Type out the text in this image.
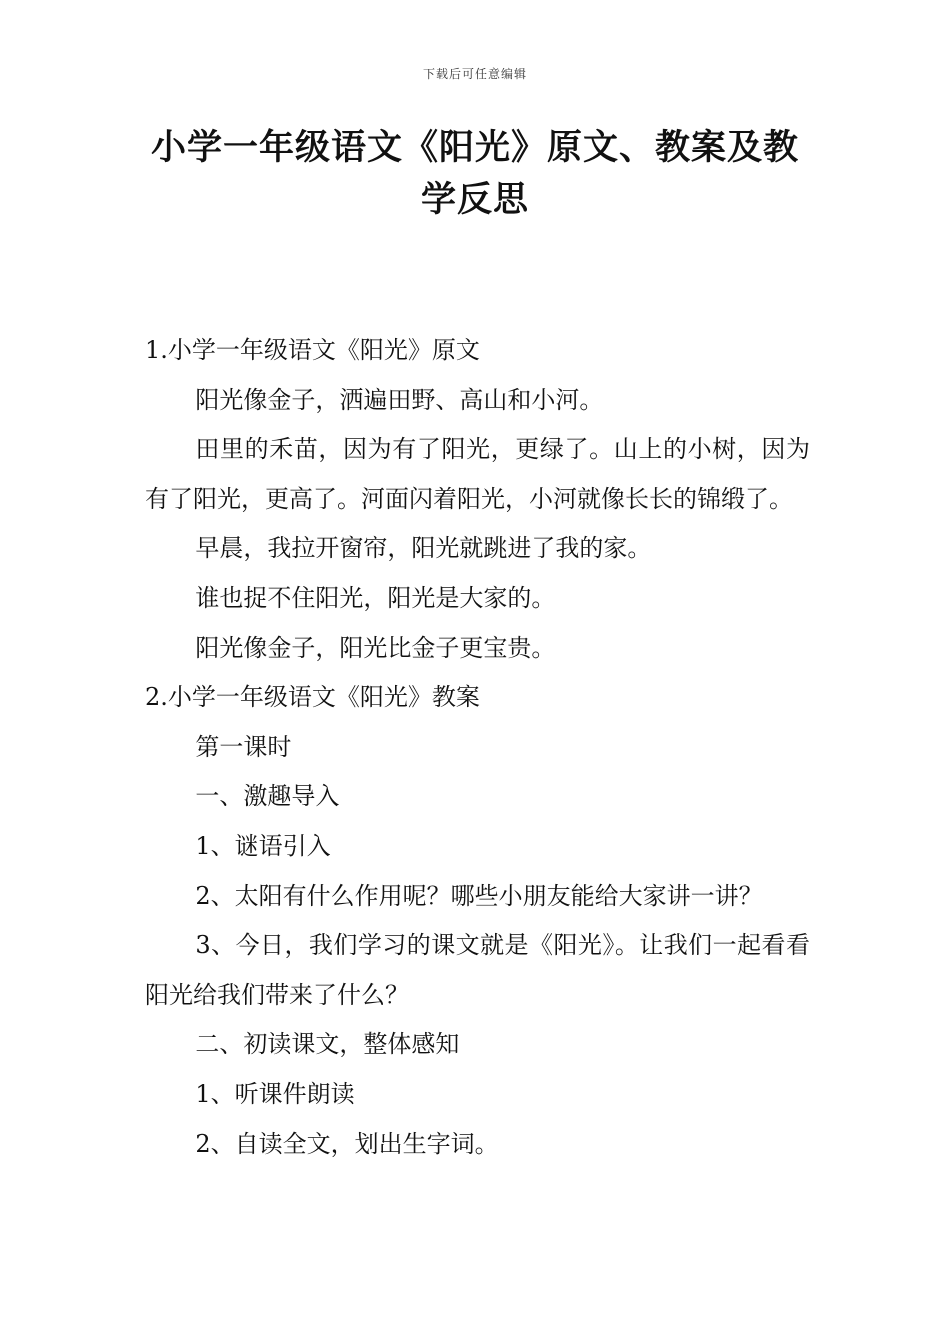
下载后可任意编辑
小学一年级语文《阳光》原文、教案及教学反思

1.小学一年级语文《阳光》原文

阳光像金子，洒遍田野、高山和小河。

田里的禾苗，因为有了阳光，更绿了。山上的小树，因为有了阳光，更高了。河面闪着阳光，小河就像长长的锦缎了。

早晨，我拉开窗帘，阳光就跳进了我的家。

谁也捉不住阳光，阳光是大家的。

阳光像金子，阳光比金子更宝贵。

2.小学一年级语文《阳光》教案

第一课时

一、激趣导入

1、谜语引入

2、太阳有什么作用呢？哪些小朋友能给大家讲一讲？

3、今日，我们学习的课文就是《阳光》。让我们一起看看阳光给我们带来了什么？

二、初读课文，整体感知

1、听课件朗读

2、自读全文，划出生字词。
